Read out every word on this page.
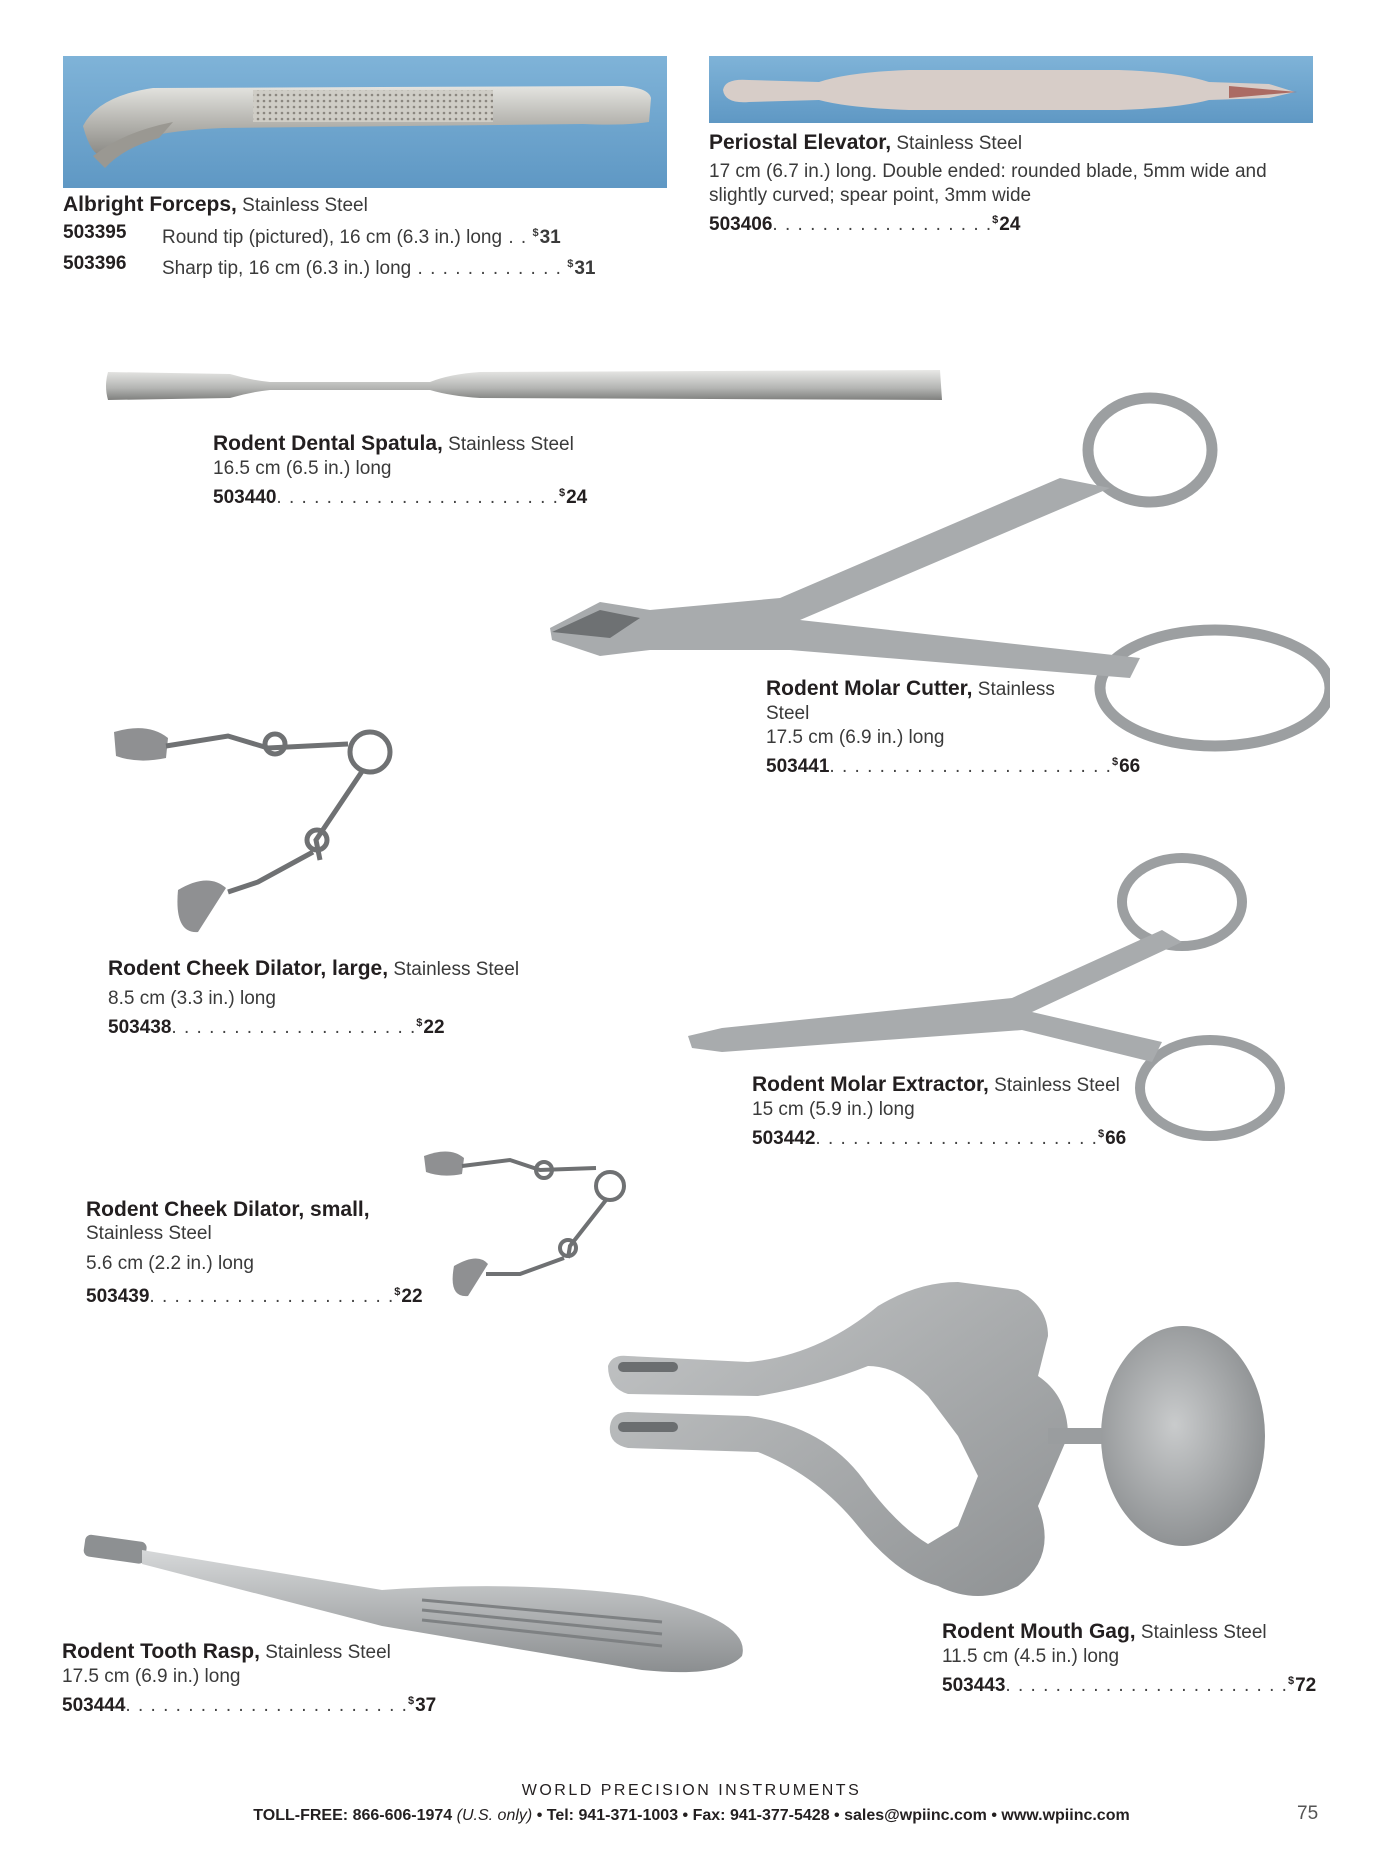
Albright Forceps, Stainless Steel
503395	Round tip (pictured), 16 cm (6.3 in.) long . . $31
503396	Sharp tip, 16 cm (6.3 in.) long . . . . . . . . . . . . $31
Periostal Elevator, Stainless Steel
17 cm (6.7 in.) long. Double ended: rounded blade, 5mm wide and
slightly curved; spear point, 3mm wide
503406 . . . . . . . . . . . . . . . . . . $24
Rodent Dental Spatula, Stainless Steel
16.5 cm (6.5 in.) long
503440 . . . . . . . . . . . . . . . . . . . . . . . $24
Rodent Molar Cutter, Stainless
Steel
17.5 cm (6.9 in.) long
503441 . . . . . . . . . . . . . . . . . . . . . . . $66
Rodent Cheek Dilator, large, Stainless Steel
8.5 cm (3.3 in.) long
503438 . . . . . . . . . . . . . . . . . . . . $22
Rodent Molar Extractor, Stainless Steel
15 cm (5.9 in.) long
503442 . . . . . . . . . . . . . . . . . . . . . . . $66
Rodent Cheek Dilator, small,
Stainless Steel
5.6 cm (2.2 in.) long
503439 . . . . . . . . . . . . . . . . . . . . $22
Rodent Mouth Gag, Stainless Steel
11.5 cm (4.5 in.) long
503443 . . . . . . . . . . . . . . . . . . . . . . . $72
Rodent Tooth Rasp, Stainless Steel
17.5 cm (6.9 in.) long
503444 . . . . . . . . . . . . . . . . . . . . . . . $37
WORLD PRECISION INSTRUMENTS
TOLL-FREE: 866-606-1974 (U.S. only) • Tel: 941-371-1003 • Fax: 941-377-5428 • sales@wpiinc.com • www.wpiinc.com	75
